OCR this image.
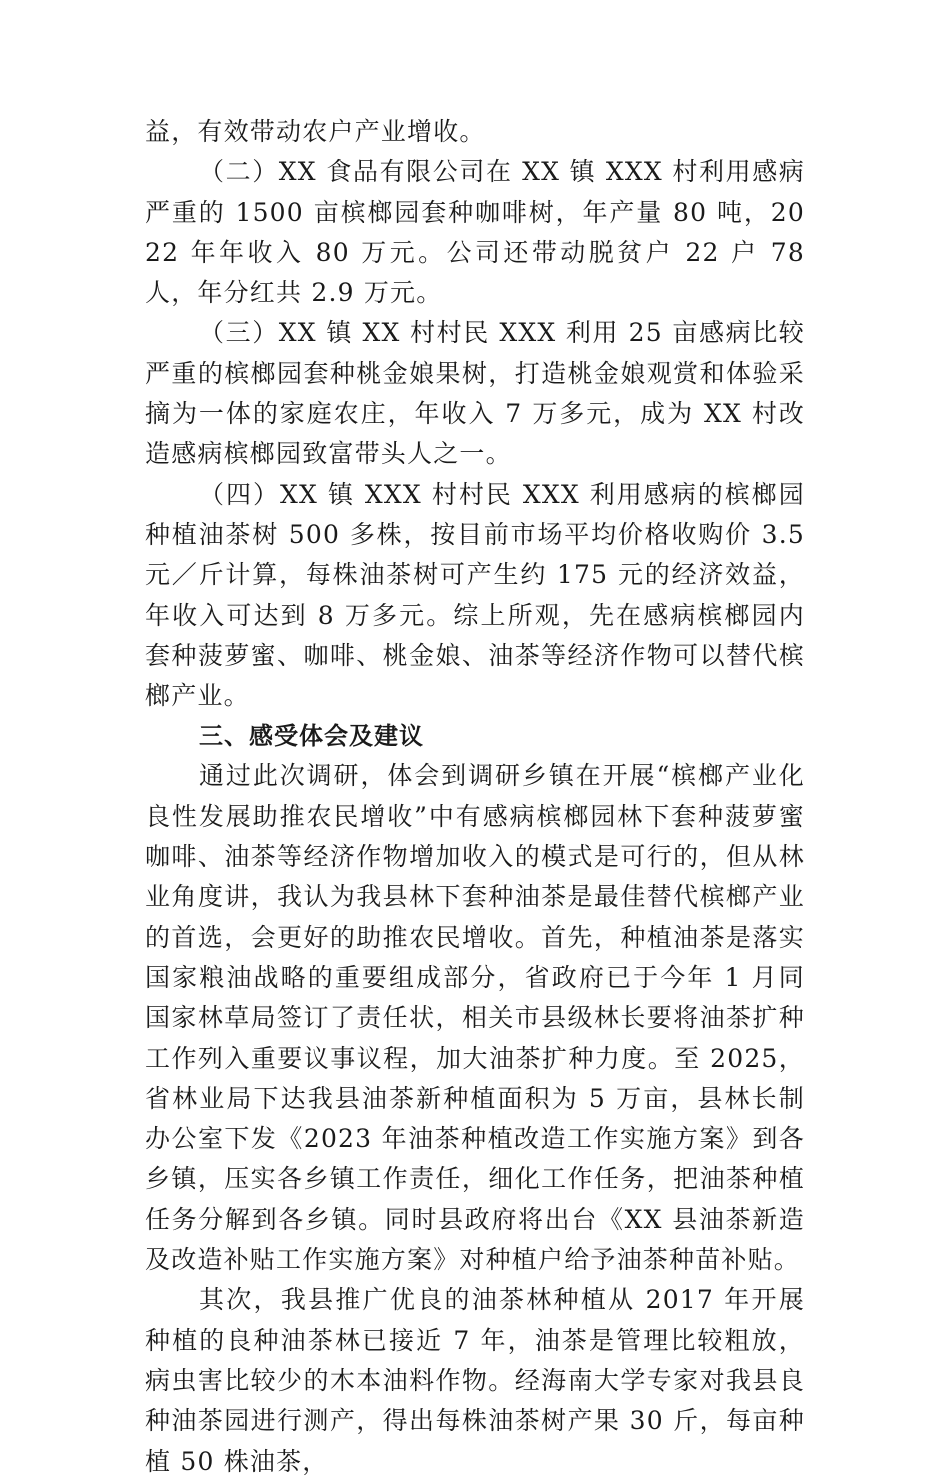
益，有效带动农户产业增收。

（二）XX 食品有限公司在 XX 镇 XXX 村利用感病严重的 1500 亩槟榔园套种咖啡树，年产量 80 吨，2022 年年收入 80 万元。公司还带动脱贫户 22 户 78 人，年分红共 2.9 万元。

（三）XX 镇 XX 村村民 XXX 利用 25 亩感病比较严重的槟榔园套种桃金娘果树，打造桃金娘观赏和体验采摘为一体的家庭农庄，年收入 7 万多元，成为 XX 村改造感病槟榔园致富带头人之一。

（四）XX 镇 XXX 村村民 XXX 利用感病的槟榔园种植油茶树 500 多株，按目前市场平均价格收购价 3.5 元／斤计算，每株油茶树可产生约 175 元的经济效益，年收入可达到 8 万多元。综上所观，先在感病槟榔园内套种菠萝蜜、咖啡、桃金娘、油茶等经济作物可以替代槟榔产业。

三、感受体会及建议

通过此次调研，体会到调研乡镇在开展“槟榔产业化良性发展助推农民增收”中有感病槟榔园林下套种菠萝蜜咖啡、油茶等经济作物增加收入的模式是可行的，但从林业角度讲，我认为我县林下套种油茶是最佳替代槟榔产业的首选，会更好的助推农民增收。首先，种植油茶是落实国家粮油战略的重要组成部分，省政府已于今年 1 月同国家林草局签订了责任状，相关市县级林长要将油茶扩种工作列入重要议事议程，加大油茶扩种力度。至 2025，省林业局下达我县油茶新种植面积为 5 万亩，县林长制办公室下发《2023 年油茶种植改造工作实施方案》到各乡镇，压实各乡镇工作责任，细化工作任务，把油茶种植任务分解到各乡镇。同时县政府将出台《XX 县油茶新造及改造补贴工作实施方案》对种植户给予油茶种苗补贴。

其次，我县推广优良的油茶林种植从 2017 年开展种植的良种油茶林已接近 7 年，油茶是管理比较粗放，病虫害比较少的木本油料作物。经海南大学专家对我县良种油茶园进行测产，得出每株油茶树产果 30 斤，每亩种植 50 株油茶，
